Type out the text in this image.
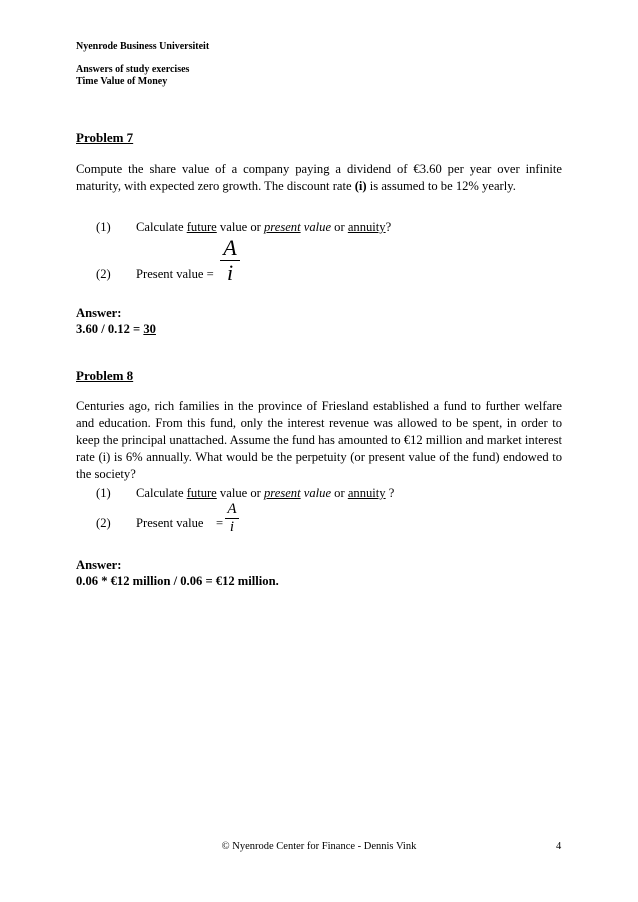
Nyenrode Business Universiteit
Answers of study exercises
Time Value of Money
Problem 7
Compute the share value of a company paying a dividend of €3.60 per year over infinite maturity, with expected zero growth. The discount rate (i) is assumed to be 12% yearly.
(1) Calculate future value or present value or annuity?
(2) Present value =
A
i
Answer:
3.60 / 0.12 = 30
Problem 8
Centuries ago, rich families in the province of Friesland established a fund to further welfare and education. From this fund, only the interest revenue was allowed to be spent, in order to keep the principal unattached. Assume the fund has amounted to €12 million and market interest rate (i) is 6% annually. What would be the perpetuity (or present value of the fund) endowed to the society?
(1) Calculate future value or present value or annuity ?
(2) Present value =
A
i
Answer:
0.06 * €12 million / 0.06 = €12 million.
© Nyenrode Center for Finance - Dennis Vink	4
